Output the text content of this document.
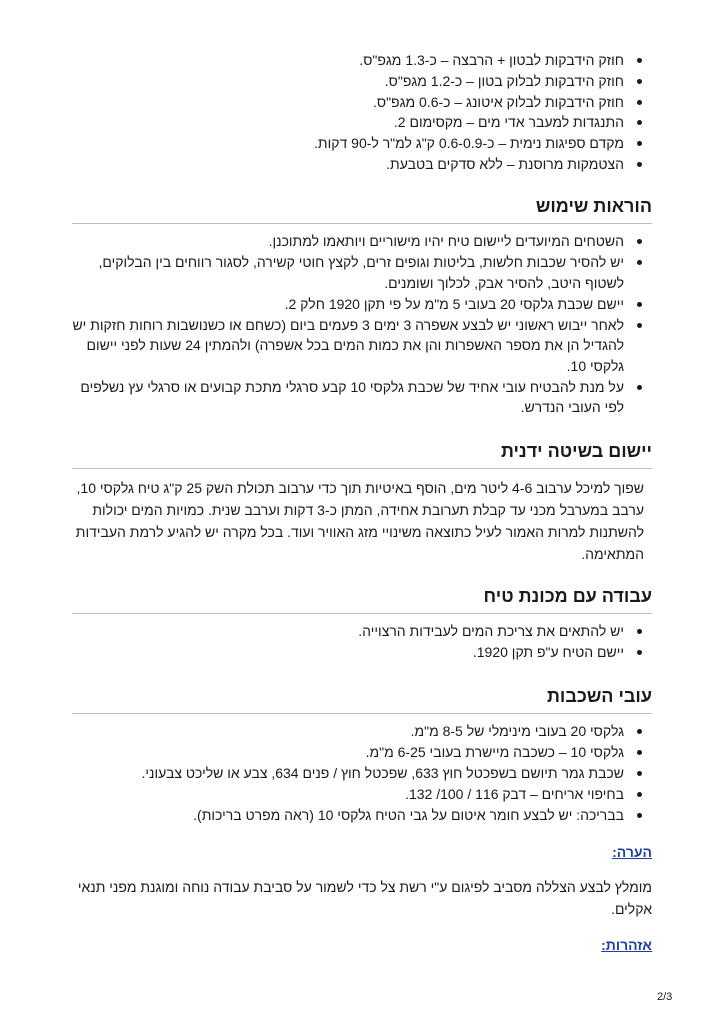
חוזק הידבקות לבטון + הרבצה – כ-1.3 מגפ"ס.
חוזק הידבקות לבלוק בטון – כ-1.2 מגפ"ס.
חוזק הידבקות לבלוק איטונג – כ-0.6 מגפ"ס.
התנגדות למעבר אדי מים – מקסימום 2.
מקדם ספיגות נימית – כ-0.6-0.9 ק"ג למ"ר ל-90 דקות.
הצטמקות מרוסנת – ללא סדקים בטבעת.
הוראות שימוש
השטחים המיועדים ליישום טיח יהיו מישוריים ויותאמו למתוכנן.
יש להסיר שכבות חלשות, בליטות וגופים זרים, לקצץ חוטי קשירה, לסגור רווחים בין הבלוקים, לשטוף היטב, להסיר אבק, לכלוך ושומנים.
יישם שכבת גלקסי 20 בעובי 5 מ"מ על פי תקן 1920 חלק 2.
לאחר ייבוש ראשוני יש לבצע אשפרה 3 ימים 3 פעמים ביום (כשחם או כשנושבות רוחות חזקות יש להגדיל הן את מספר האשפרות והן את כמות המים בכל אשפרה) ולהמתין 24 שעות לפני יישום גלקסי 10.
על מנת להבטיח עובי אחיד של שכבת גלקסי 10 קבע סרגלי מתכת קבועים או סרגלי עץ נשלפים לפי העובי הנדרש.
יישום בשיטה ידנית

שפוך למיכל ערבוב 4-6 ליטר מים, הוסף באיטיות תוך כדי ערבוב תכולת השק 25 ק"ג טיח גלקסי 10, ערבב במערבל מכני עד קבלת תערובת אחידה, המתן כ-3 דקות וערבב שנית. כמויות המים יכולות להשתנות למרות האמור לעיל כתוצאה משינויי מזג האוויר ועוד. בכל מקרה יש להגיע לרמת העבידות המתאימה.

עבודה עם מכונת טיח
יש להתאים את צריכת המים לעבידות הרצוייה.
יישם הטיח ע"פ תקן 1920.
עובי השכבות
גלקסי 20 בעובי מינימלי של 8-5 מ"מ.
גלקסי 10 – כשכבה מיישרת בעובי 6-25 מ"מ.
שכבת גמר תיושם בשפכטל חוץ 633, שפכטל חוץ / פנים 634, צבע או שליכט צבעוני.
בחיפוי אריחים – דבק 116 / 100/ 132.
בבריכה: יש לבצע חומר איטום על גבי הטיח גלקסי 10 (ראה מפרט בריכות).
הערה:

מומלץ לבצע הצללה מסביב לפיגום ע"י רשת צל כדי לשמור על סביבת עבודה נוחה ומוגנת מפני תנאי אקלים.

אזהרות:
2/3
